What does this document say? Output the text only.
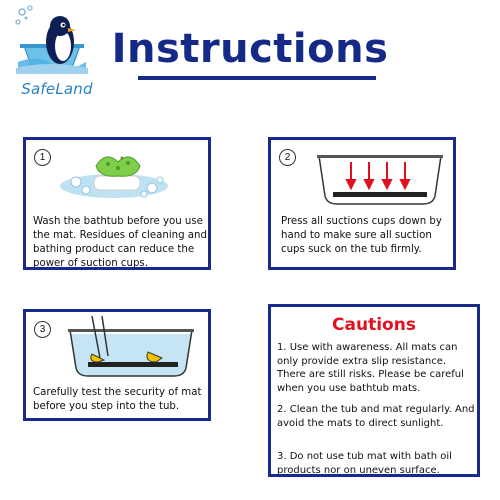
SafeLand
Instructions
1
Wash the bathtub before you use the mat. Residues of cleaning and bathing product can reduce the power of suction cups.
2
Press all suctions cups down by hand to make sure all suction cups suck on the tub firmly.
3
Carefully test the security of mat before you step into the tub.
Cautions
1. Use with awareness. All mats can only provide extra slip resistance. There are still risks. Please be careful when you use bathtub mats.
2. Clean the tub and mat regularly. And avoid the mats to direct sunlight.
3. Do not use tub mat with bath oil products nor on uneven surface.
